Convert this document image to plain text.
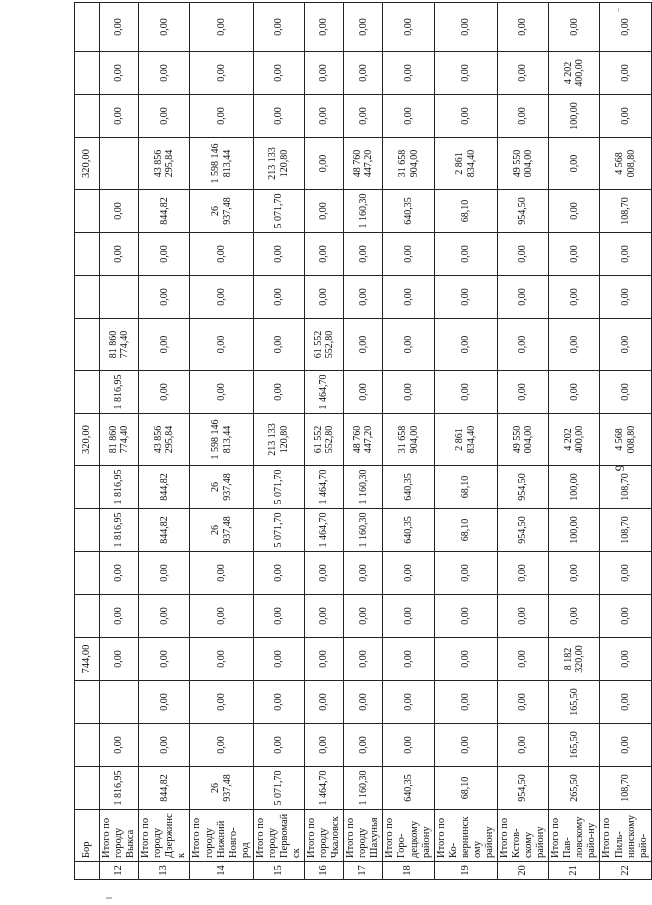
9
	Бор				744,00					320,00						320,00			
12	Итого по городу Выкса	1 816,95	0,00		0,00	0,00	0,00	1 816,95	1 816,95	81 860 774,40	1 816,95	81 860 774,40		0,00	0,00		0,00	0,00	0,00
13	Итого по городу Дзержинск	844,82	0,00	0,00	0,00	0,00	0,00	844,82	844,82	43 856 295,84	0,00	0,00	0,00	0,00	844,82	43 856 295,84	0,00	0,00	0,00
14	Итого по городу Нижний Новго-род	26 937,48	0,00	0,00	0,00	0,00	0,00	26 937,48	26 937,48	1 598 146 813,44	0,00	0,00	0,00	0,00	26 937,48	1 598 146 813,44	0,00	0,00	0,00
15	Итого по городу Первомайск	5 071,70	0,00	0,00	0,00	0,00	0,00	5 071,70	5 071,70	213 133 120,80	0,00	0,00	0,00	0,00	5 071,70	213 133 120,80	0,00	0,00	0,00
16	Итого по городу Чкаловск	1 464,70	0,00	0,00	0,00	0,00	0,00	1 464,70	1 464,70	61 552 552,80	1 464,70	61 552 552,80	0,00	0,00	0,00	0,00	0,00	0,00	0,00
17	Итого по городу Шахунья	1 160,30	0,00	0,00	0,00	0,00	0,00	1 160,30	1 160,30	48 760 447,20	0,00	0,00	0,00	0,00	1 160,30	48 760 447,20	0,00	0,00	0,00
18	Итого по Горо-децкому району	640,35	0,00	0,00	0,00	0,00	0,00	640,35	640,35	31 658 904,00	0,00	0,00	0,00	0,00	640,35	31 658 904,00	0,00	0,00	0,00
19	Итого по Ко-вернинскому району	68,10	0,00	0,00	0,00	0,00	0,00	68,10	68,10	2 861 834,40	0,00	0,00	0,00	0,00	68,10	2 861 834,40	0,00	0,00	0,00
20	Итого по Кстов-скому району	954,50	0,00	0,00	0,00	0,00	0,00	954,50	954,50	49 550 004,00	0,00	0,00	0,00	0,00	954,50	49 550 004,00	0,00	0,00	0,00
21	Итого по Пав-ловскому райо-ну	265,50	165,50	165,50	8 182 320,00	0,00	0,00	100,00	100,00	4 202 400,00	0,00	0,00	0,00	0,00	0,00	0,00	100,00	4 202 400,00	0,00
22	Итого по Пиль-нинскому райо-	108,70	0,00	0,00	0,00	0,00	0,00	108,70	108,70	4 568 008,80	0,00	0,00	0,00	0,00	108,70	4 568 008,80	0,00	0,00	0,00
